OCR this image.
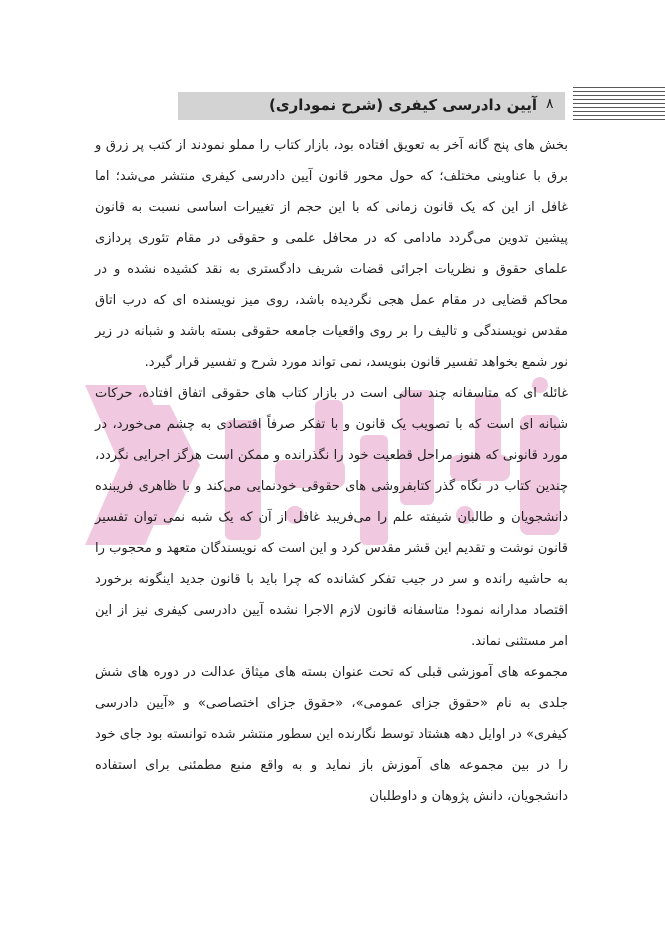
آیین دادرسی کیفری (شرح نموداری) ۸

بخش های پنج گانه آخر به تعویق افتاده بود، بازار کتاب را مملو نمودند از کتب پر زرق و برق با عناوینی مختلف؛ که حول محور قانون آیین دادرسی کیفری منتشر می‌شد؛ اما غافل از این که یک قانون زمانی که با این حجم از تغییرات اساسی نسبت به قانون پیشین تدوین می‌گردد مادامی که در محافل علمی و حقوقی در مقام تئوری پردازی علمای حقوق و نظریات اجرائی قضات شریف دادگستری به نقد کشیده نشده و در محاکم قضایی در مقام عمل هجی نگردیده باشد، روی میز نویسنده ای که درب اتاق مقدس نویسندگی و تالیف را بر روی واقعیات جامعه حقوقی بسته باشد و شبانه در زیر نور شمع بخواهد تفسیر قانون بنویسد، نمی تواند مورد شرح و تفسیر قرار گیرد.

غائله ای که متاسفانه چند سالی است در بازار کتاب های حقوقی اتفاق افتاده، حرکات شبانه ای است که با تصویب یک قانون و با تفکر صرفاً اقتصادی به چشم می‌خورد، در مورد قانونی که هنوز مراحل قطعیت خود را نگذرانده و ممکن است هرگز اجرایی نگردد، چندین کتاب در نگاه گذر کتابفروشی های حقوقی خودنمایی می‌کند و با ظاهری فریبنده دانشجویان و طالبان شیفته علم را می‌فریبد غافل از آن که یک شبه نمی توان تفسیر قانون نوشت و تقدیم این قشر مقدس کرد و این است که نویسندگان متعهد و محجوب را به حاشیه رانده و سر در جیب تفکر کشانده که چرا باید با قانون جدید اینگونه برخورد اقتصاد مدارانه نمود! متاسفانه قانون لازم الاجرا نشده آیین دادرسی کیفری نیز از این امر مستثنی نماند.

مجموعه های آموزشی قبلی که تحت عنوان بسته های میثاق عدالت در دوره های شش جلدی به نام «حقوق جزای عمومی»، «حقوق جزای اختصاصی» و «آیین دادرسی کیفری» در اوایل دهه هشتاد توسط نگارنده این سطور منتشر شده توانسته بود جای خود را در بین مجموعه های آموزش باز نماید و به واقع منبع مطمئنی برای استفاده دانشجویان، دانش پژوهان و داوطلبان
